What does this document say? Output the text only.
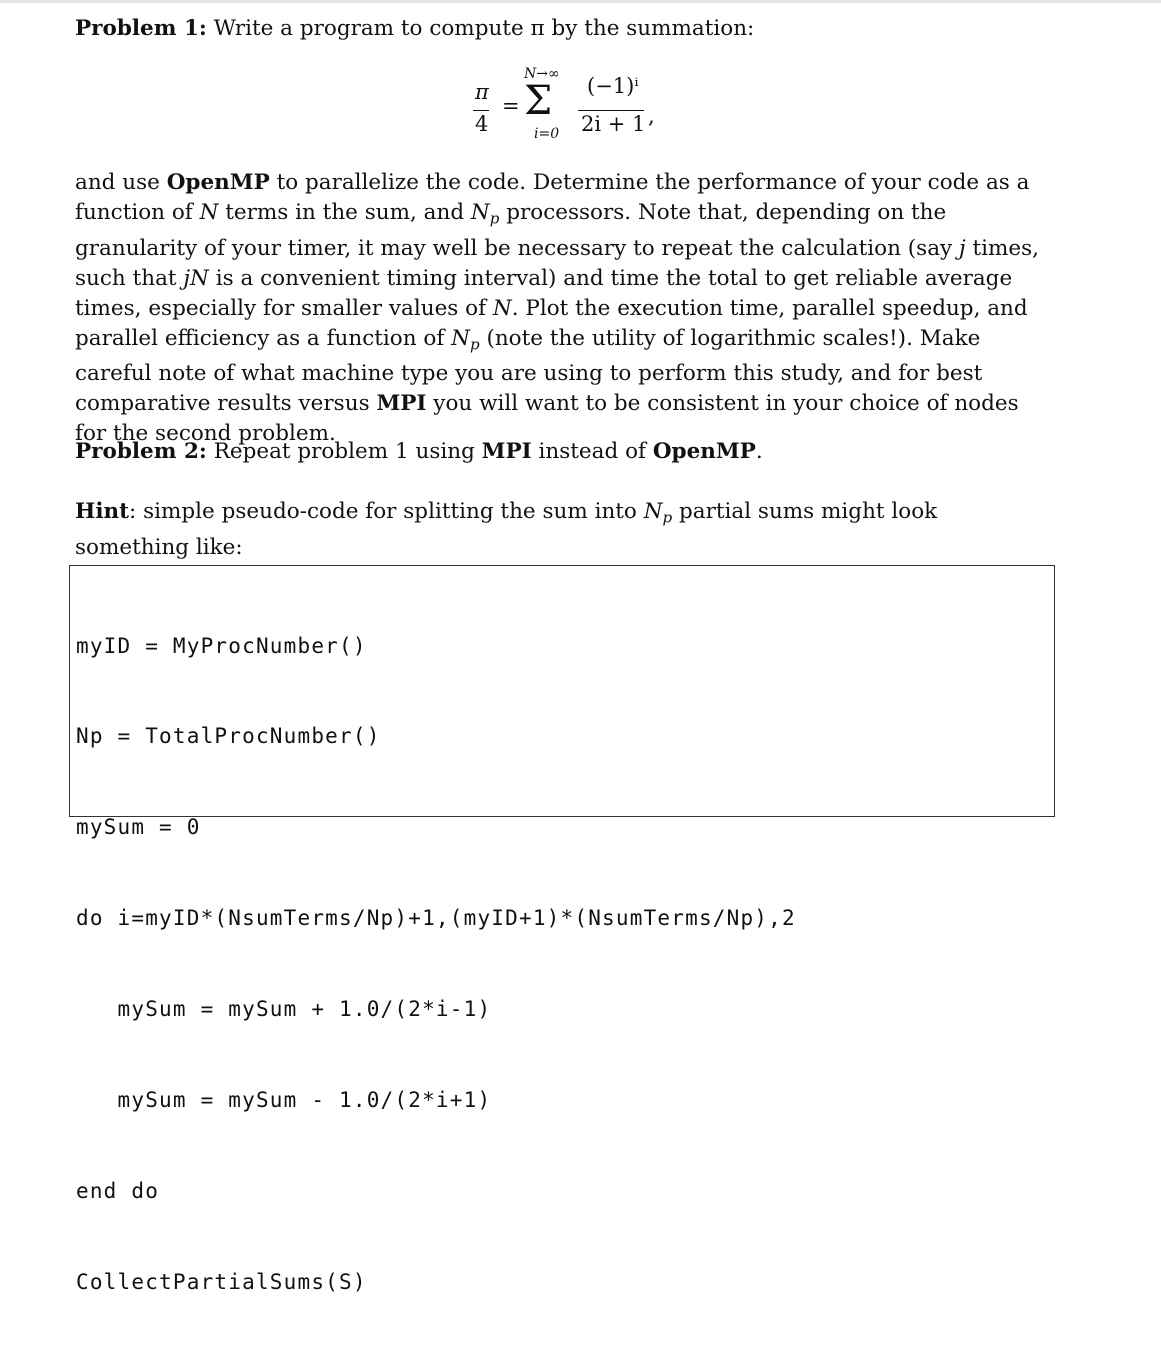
Problem 1: Write a program to compute π by the summation:

π
4
=
N→∞
Σ
i=0
(−1)ⁱ
2i + 1 ,

and use OpenMP to parallelize the code. Determine the performance of your code as a function of N terms in the sum, and $N_p$ processors. Note that, depending on the granularity of your timer, it may well be necessary to repeat the calculation (say j times, such that jN is a convenient timing interval) and time the total to get reliable average times, especially for smaller values of N. Plot the execution time, parallel speedup, and parallel efficiency as a function of $N_p$ (note the utility of logarithmic scales!). Make careful note of what machine type you are using to perform this study, and for best comparative results versus MPI you will want to be consistent in your choice of nodes for the second problem.

Problem 2: Repeat problem 1 using MPI instead of OpenMP.

Hint: simple pseudo-code for splitting the sum into $N_p$ partial sums might look something like:

myID = MyProcNumber()

Np = TotalProcNumber()

mySum = 0

do i=myID*(NsumTerms/Np)+1,(myID+1)*(NsumTerms/Np),2

mySum = mySum + 1.0/(2*i-1)

mySum = mySum - 1.0/(2*i+1)

end do

CollectPartialSums(S)
